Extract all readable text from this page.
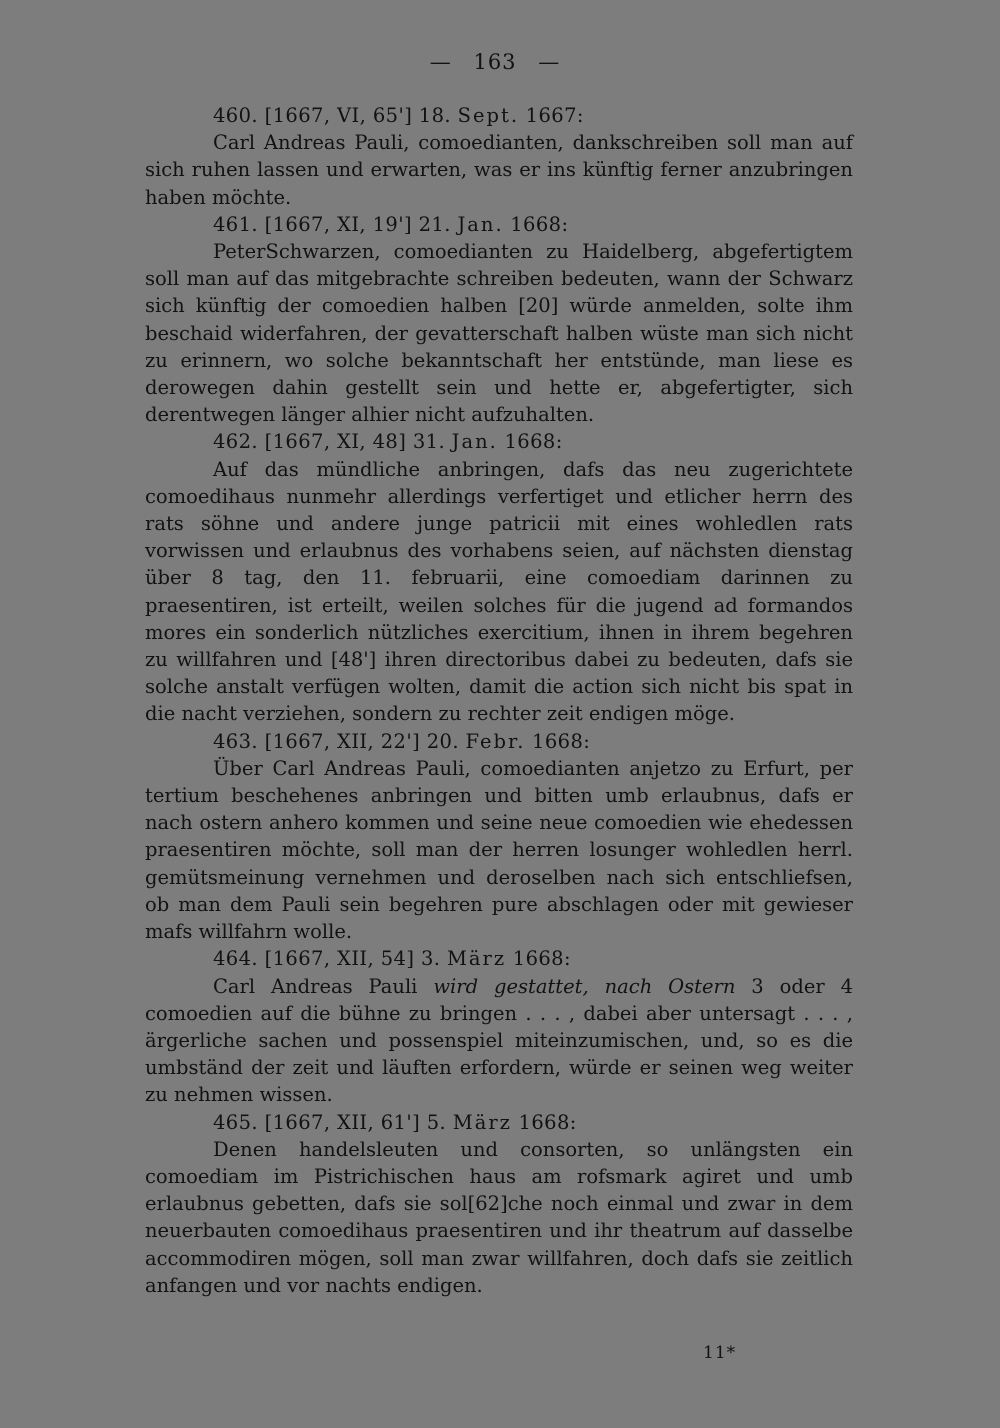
— 163 —
460. [1667, VI, 65'] 18. Sept. 1667:

Carl Andreas Pauli, comoedianten, dankschreiben soll man auf sich ruhen lassen und erwarten, was er ins künftig ferner anzubringen haben möchte.

461. [1667, XI, 19'] 21. Jan. 1668:

PeterSchwarzen, comoedianten zu Haidelberg, abgefertigtem soll man auf das mitgebrachte schreiben bedeuten, wann der Schwarz sich künftig der comoedien halben [20] würde anmelden, solte ihm beschaid widerfahren, der gevatterschaft halben wüste man sich nicht zu erinnern, wo solche bekanntschaft her entstünde, man liese es derowegen dahin gestellt sein und hette er, abgefertigter, sich derentwegen länger alhier nicht aufzuhalten.

462. [1667, XI, 48] 31. Jan. 1668:

Auf das mündliche anbringen, dafs das neu zugerichtete comoedihaus nunmehr allerdings verfertiget und etlicher herrn des rats söhne und andere junge patricii mit eines wohledlen rats vorwissen und erlaubnus des vorhabens seien, auf nächsten dienstag über 8 tag, den 11. februarii, eine comoediam darinnen zu praesentiren, ist erteilt, weilen solches für die jugend ad formandos mores ein sonderlich nützliches exercitium, ihnen in ihrem begehren zu willfahren und [48'] ihren directoribus dabei zu bedeuten, dafs sie solche anstalt verfügen wolten, damit die action sich nicht bis spat in die nacht verziehen, sondern zu rechter zeit endigen möge.

463. [1667, XII, 22'] 20. Febr. 1668:

Über Carl Andreas Pauli, comoedianten anjetzo zu Erfurt, per tertium beschehenes anbringen und bitten umb erlaubnus, dafs er nach ostern anhero kommen und seine neue comoedien wie ehedessen praesentiren möchte, soll man der herren losunger wohledlen herrl. gemütsmeinung vernehmen und deroselben nach sich entschliefsen, ob man dem Pauli sein begehren pure abschlagen oder mit gewieser mafs willfahrn wolle.

464. [1667, XII, 54] 3. März 1668:

Carl Andreas Pauli wird gestattet, nach Ostern 3 oder 4 comoedien auf die bühne zu bringen . . . , dabei aber untersagt . . . , ärgerliche sachen und possenspiel miteinzumischen, und, so es die umbständ der zeit und läuften erfordern, würde er seinen weg weiter zu nehmen wissen.

465. [1667, XII, 61'] 5. März 1668:

Denen handelsleuten und consorten, so unlängsten ein comoediam im Pistrichischen haus am rofsmark agiret und umb erlaubnus gebetten, dafs sie sol[62]che noch einmal und zwar in dem neuerbauten comoedihaus praesentiren und ihr theatrum auf dasselbe accommodiren mögen, soll man zwar willfahren, doch dafs sie zeitlich anfangen und vor nachts endigen.

11*
